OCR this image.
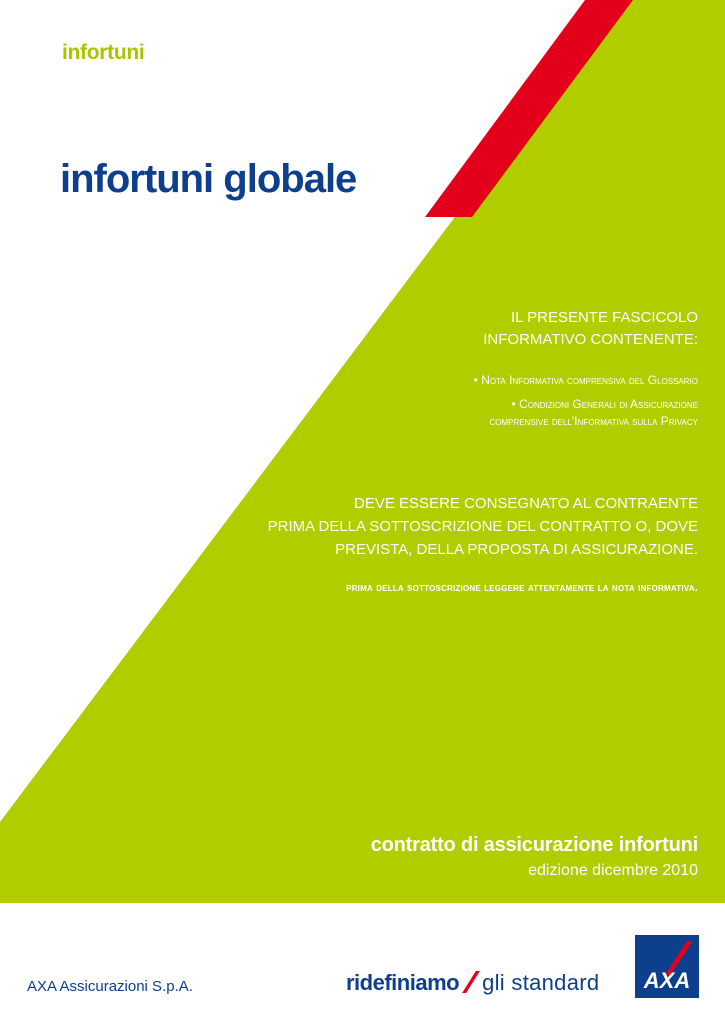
infortuni
infortuni globale
IL PRESENTE FASCICOLO
INFORMATIVO CONTENENTE:
• Nota Informativa comprensiva del Glossario
• Condizioni Generali di Assicurazione
comprensive dell'Informativa sulla Privacy
DEVE ESSERE CONSEGNATO AL CONTRAENTE
PRIMA DELLA SOTTOSCRIZIONE DEL CONTRATTO O, DOVE
PREVISTA, DELLA PROPOSTA DI ASSICURAZIONE.
prima della sottoscrizione leggere attentamente la nota informativa.
contratto di assicurazione infortuni
edizione dicembre 2010
AXA Assicurazioni S.p.A.	ridefiniamo gli standard AXA
